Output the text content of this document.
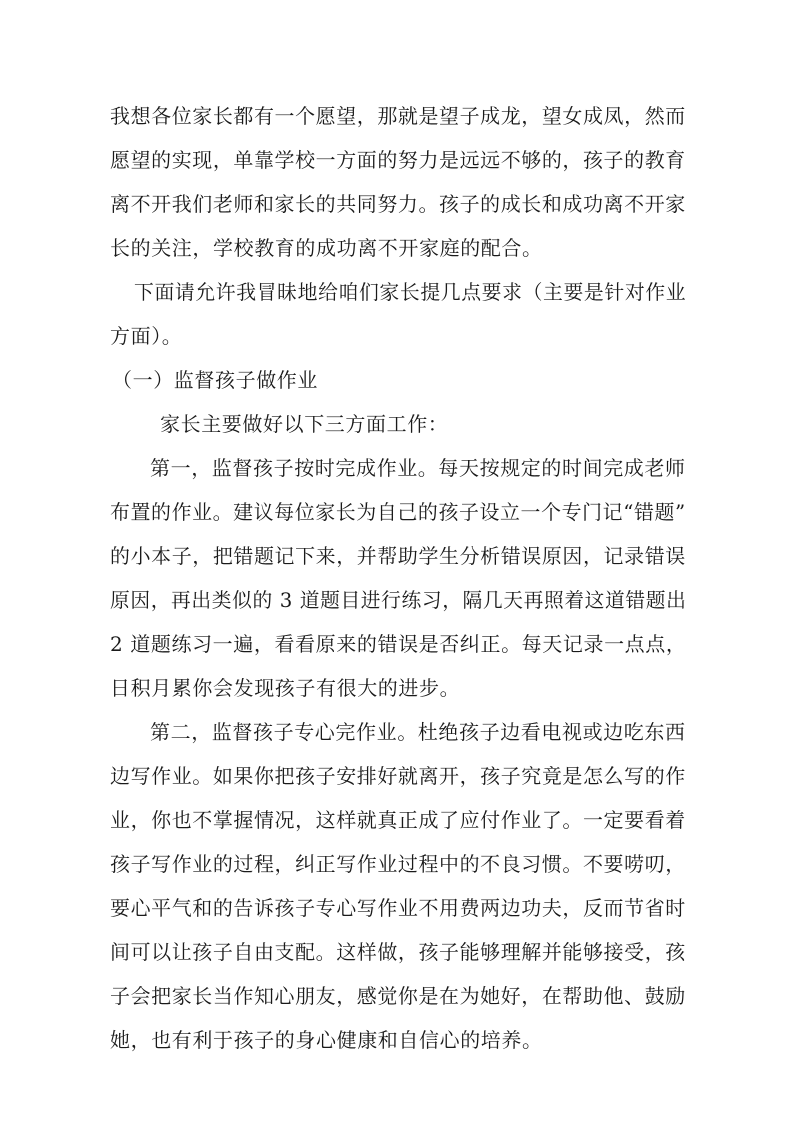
我想各位家长都有一个愿望，那就是望子成龙，望女成凤，然而
愿望的实现，单靠学校一方面的努力是远远不够的，孩子的教育
离不开我们老师和家长的共同努力。孩子的成长和成功离不开家
长的关注，学校教育的成功离不开家庭的配合。
下面请允许我冒昧地给咱们家长提几点要求（主要是针对作业
方面）。
（一）监督孩子做作业
家长主要做好以下三方面工作：
第一，监督孩子按时完成作业。每天按规定的时间完成老师
布置的作业。建议每位家长为自己的孩子设立一个专门记“错题”
的小本子，把错题记下来，并帮助学生分析错误原因，记录错误
原因，再出类似的 3 道题目进行练习，隔几天再照着这道错题出
2 道题练习一遍，看看原来的错误是否纠正。每天记录一点点，
日积月累你会发现孩子有很大的进步。
第二，监督孩子专心完作业。杜绝孩子边看电视或边吃东西
边写作业。如果你把孩子安排好就离开，孩子究竟是怎么写的作
业，你也不掌握情况，这样就真正成了应付作业了。一定要看着
孩子写作业的过程，纠正写作业过程中的不良习惯。不要唠叨，
要心平气和的告诉孩子专心写作业不用费两边功夫，反而节省时
间可以让孩子自由支配。这样做，孩子能够理解并能够接受，孩
子会把家长当作知心朋友，感觉你是在为她好，在帮助他、鼓励
她，也有利于孩子的身心健康和自信心的培养。
